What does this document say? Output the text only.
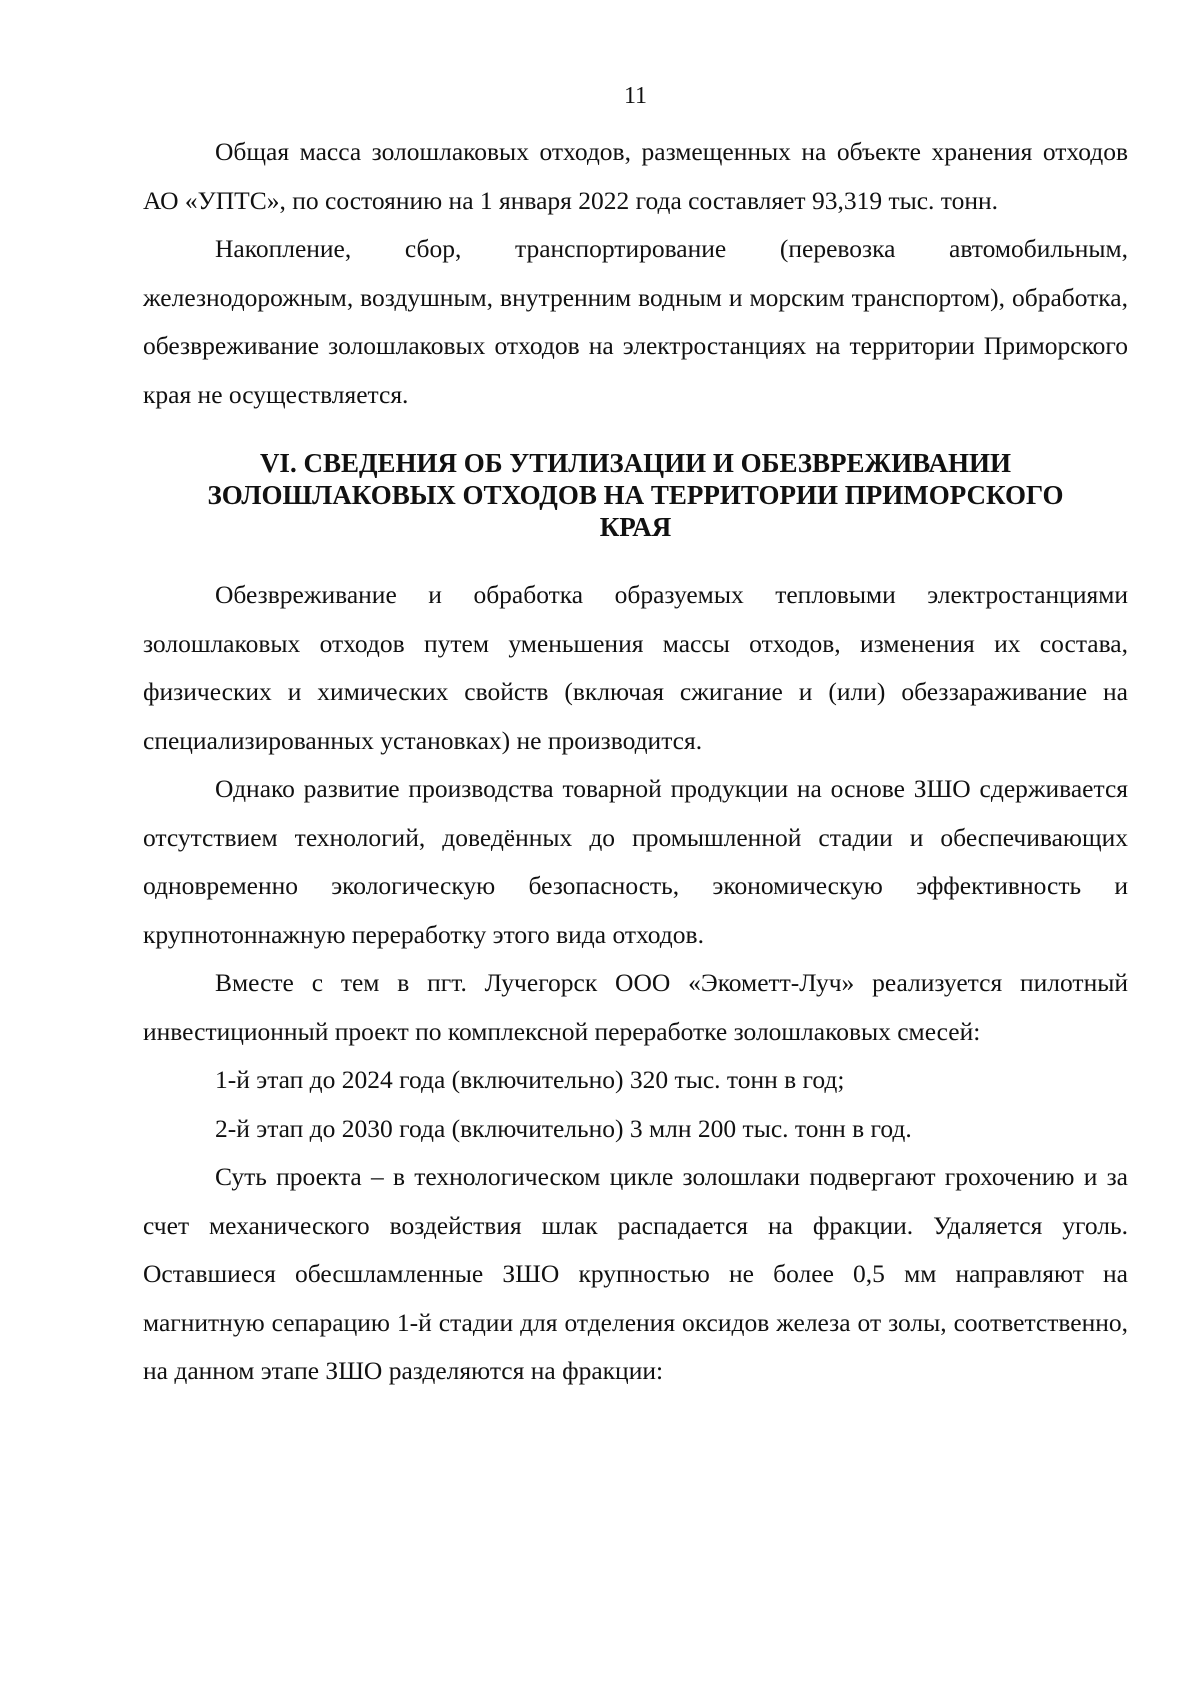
11

Общая масса золошлаковых отходов, размещенных на объекте хранения отходов АО «УПТС», по состоянию на 1 января 2022 года составляет 93,319 тыс. тонн.

Накопление, сбор, транспортирование (перевозка автомобильным, железнодорожным, воздушным, внутренним водным и морским транспортом), обработка, обезвреживание золошлаковых отходов на электростанциях на территории Приморского края не осуществляется.

VI. СВЕДЕНИЯ ОБ УТИЛИЗАЦИИ И ОБЕЗВРЕЖИВАНИИ
ЗОЛОШЛАКОВЫХ ОТХОДОВ НА ТЕРРИТОРИИ ПРИМОРСКОГО
КРАЯ

Обезвреживание и обработка образуемых тепловыми электростанциями золошлаковых отходов путем уменьшения массы отходов, изменения их состава, физических и химических свойств (включая сжигание и (или) обеззараживание на специализированных установках) не производится.

Однако развитие производства товарной продукции на основе ЗШО сдерживается отсутствием технологий, доведённых до промышленной стадии и обеспечивающих одновременно экологическую безопасность, экономическую эффективность и крупнотоннажную переработку этого вида отходов.

Вместе с тем в пгт. Лучегорск ООО «Экометт-Луч» реализуется пилотный инвестиционный проект по комплексной переработке золошлаковых смесей:

1-й этап до 2024 года (включительно) 320 тыс. тонн в год;

2-й этап до 2030 года (включительно) 3 млн 200 тыс. тонн в год.

Суть проекта – в технологическом цикле золошлаки подвергают грохочению и за счет механического воздействия шлак распадается на фракции. Удаляется уголь. Оставшиеся обесшламленные ЗШО крупностью не более 0,5 мм направляют на магнитную сепарацию 1-й стадии для отделения оксидов железа от золы, соответственно, на данном этапе ЗШО разделяются на фракции:
